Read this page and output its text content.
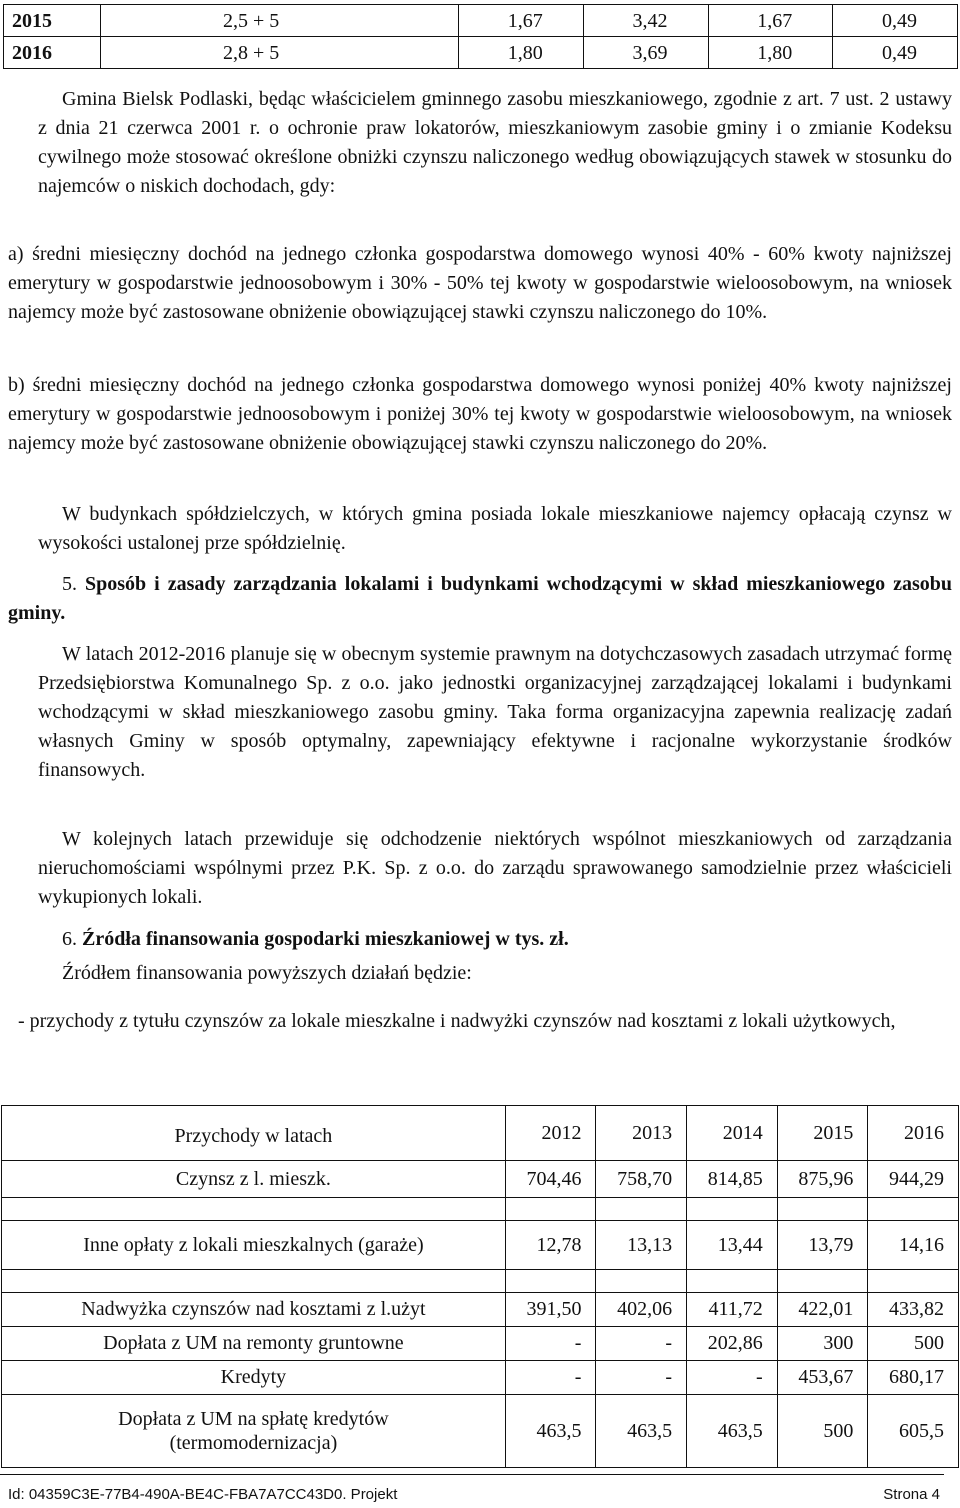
2015	2,5 + 5	1,67	3,42	1,67	0,49
2016	2,8 + 5	1,80	3,69	1,80	0,49
Gmina Bielsk Podlaski, będąc właścicielem gminnego zasobu mieszkaniowego, zgodnie z art. 7 ust. 2 ustawy z dnia 21 czerwca 2001 r. o ochronie praw lokatorów, mieszkaniowym zasobie gminy i o zmianie Kodeksu cywilnego może stosować określone obniżki czynszu naliczonego według obowiązujących stawek w stosunku do najemców o niskich dochodach, gdy:
a) średni miesięczny dochód na jednego członka gospodarstwa domowego wynosi 40% - 60% kwoty najniższej emerytury w gospodarstwie jednoosobowym i 30% - 50% tej kwoty w gospodarstwie wieloosobowym, na wniosek najemcy może być zastosowane obniżenie obowiązującej stawki czynszu naliczonego do 10%.
b) średni miesięczny dochód na jednego członka gospodarstwa domowego wynosi poniżej 40% kwoty najniższej emerytury w gospodarstwie jednoosobowym i poniżej 30% tej kwoty w gospodarstwie wieloosobowym, na wniosek najemcy może być zastosowane obniżenie obowiązującej stawki czynszu naliczonego do 20%.
W budynkach spółdzielczych, w których gmina posiada lokale mieszkaniowe najemcy opłacają czynsz w wysokości ustalonej prze spółdzielnię.
5. Sposób i zasady zarządzania lokalami i budynkami wchodzącymi w skład mieszkaniowego zasobu gminy.
W latach 2012-2016 planuje się w obecnym systemie prawnym na dotychczasowych zasadach utrzymać formę Przedsiębiorstwa Komunalnego Sp. z o.o. jako jednostki organizacyjnej zarządzającej lokalami i budynkami wchodzącymi w skład mieszkaniowego zasobu gminy. Taka forma organizacyjna zapewnia realizację zadań własnych Gminy w sposób optymalny, zapewniający efektywne i racjonalne wykorzystanie środków finansowych.
W kolejnych latach przewiduje się odchodzenie niektórych wspólnot mieszkaniowych od zarządzania nieruchomościami wspólnymi przez P.K. Sp. z o.o. do zarządu sprawowanego samodzielnie przez właścicieli wykupionych lokali.
6. Źródła finansowania gospodarki mieszkaniowej w tys. zł.
Źródłem finansowania powyższych działań będzie:
- przychody z tytułu czynszów za lokale mieszkalne i nadwyżki czynszów nad kosztami z lokali użytkowych,
Przychody w latach	2012	2013	2014	2015	2016
Czynsz z l. mieszk.	704,46	758,70	814,85	875,96	944,29

Inne opłaty z lokali mieszkalnych (garaże)	12,78	13,13	13,44	13,79	14,16

Nadwyżka czynszów nad kosztami z l.użyt	391,50	402,06	411,72	422,01	433,82
Dopłata z UM na remonty gruntowne	-	-	202,86	300	500
Kredyty	-	-	-	453,67	680,17
Dopłata z UM na spłatę kredytów (termomodernizacja)	463,5	463,5	463,5	500	605,5
Id: 04359C3E-77B4-490A-BE4C-FBA7A7CC43D0. Projekt	Strona 4
